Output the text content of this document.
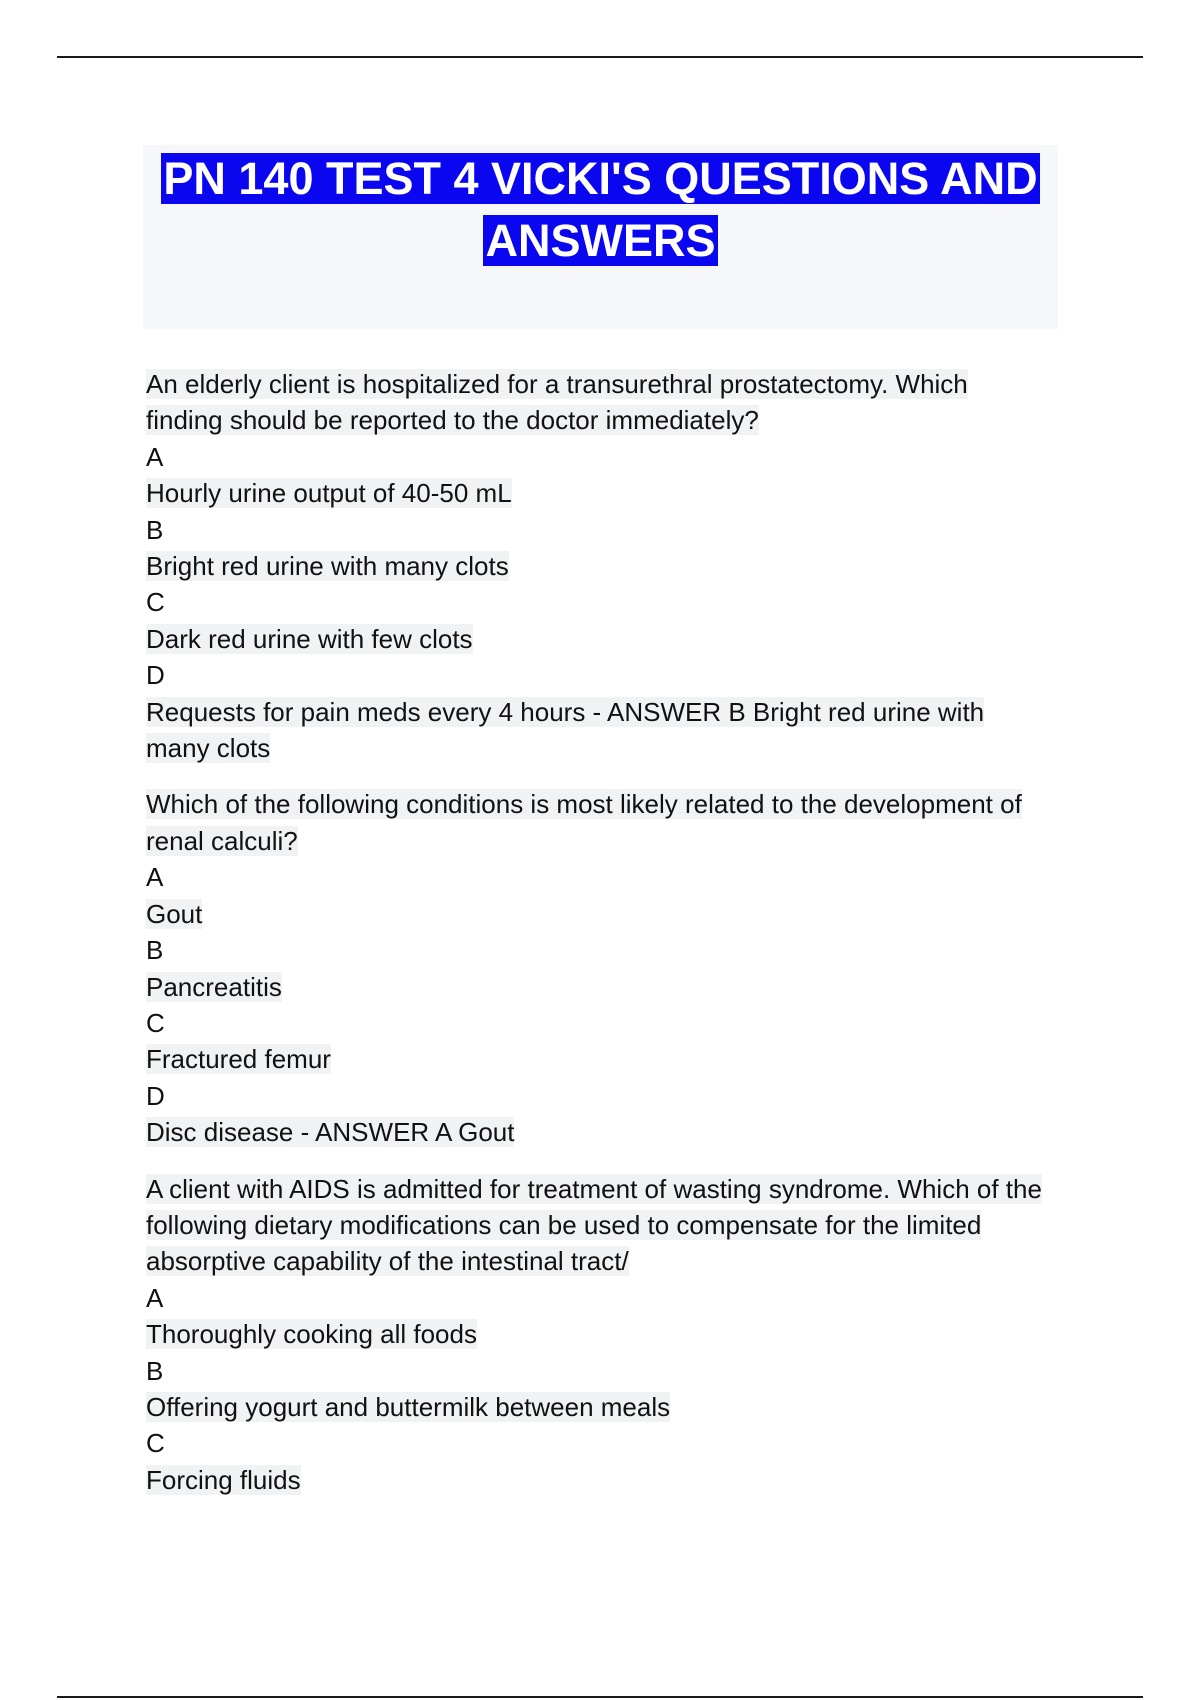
PN 140 TEST 4 VICKI'S QUESTIONS AND ANSWERS
An elderly client is hospitalized for a transurethral prostatectomy. Which finding should be reported to the doctor immediately?
A
Hourly urine output of 40-50 mL
B
Bright red urine with many clots
C
Dark red urine with few clots
D
Requests for pain meds every 4 hours - ANSWER B Bright red urine with many clots
Which of the following conditions is most likely related to the development of renal calculi?
A
Gout
B
Pancreatitis
C
Fractured femur
D
Disc disease - ANSWER A Gout
A client with AIDS is admitted for treatment of wasting syndrome. Which of the following dietary modifications can be used to compensate for the limited absorptive capability of the intestinal tract/
A
Thoroughly cooking all foods
B
Offering yogurt and buttermilk between meals
C
Forcing fluids
